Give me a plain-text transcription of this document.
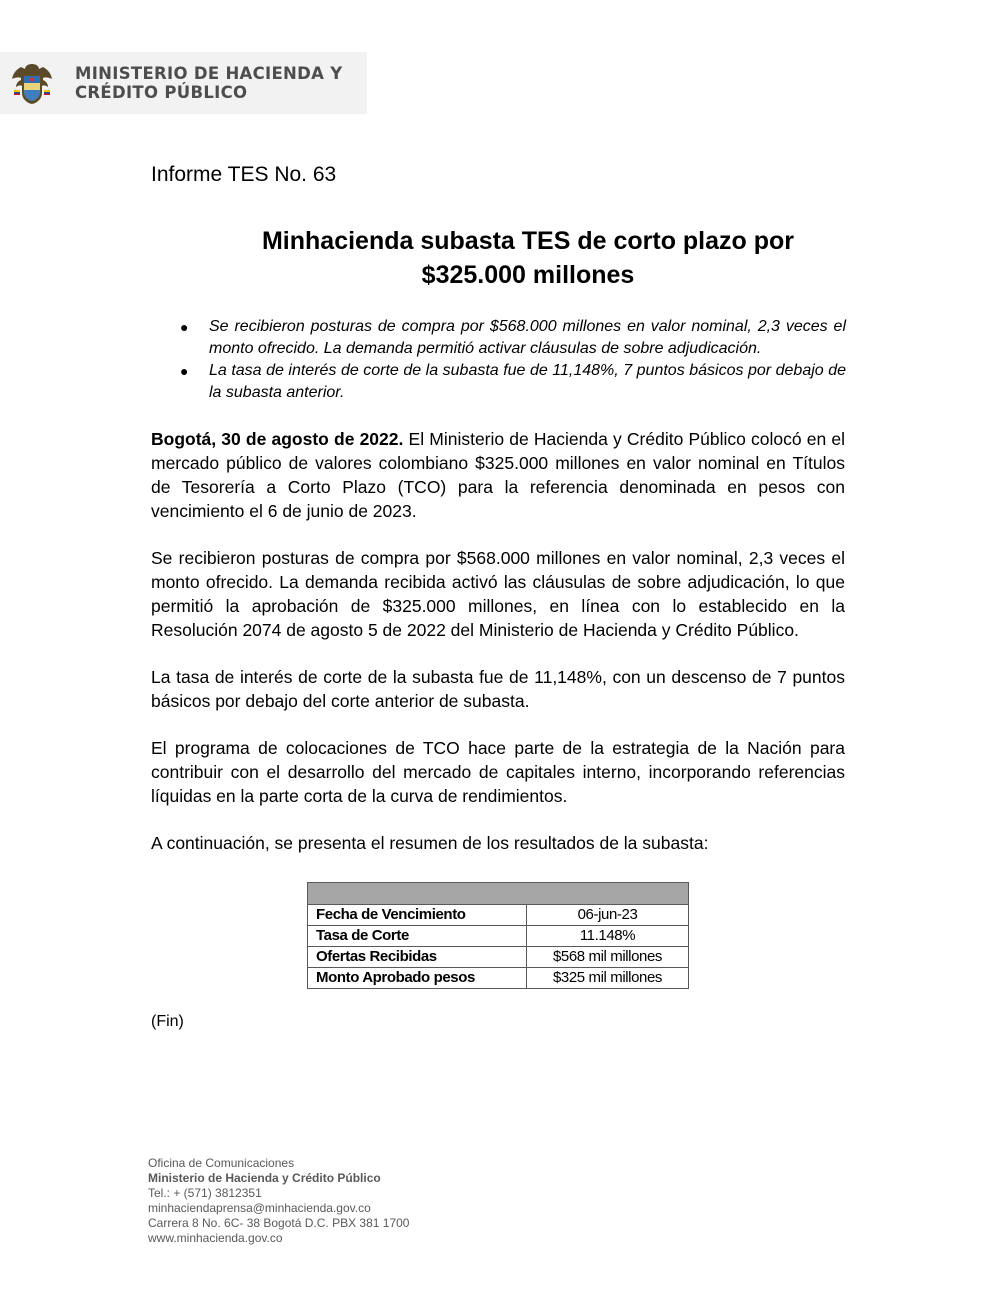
MINISTERIO DE HACIENDA Y
CRÉDITO PÚBLICO
Informe TES No. 63
Minhacienda subasta TES de corto plazo por $325.000 millones
● Se recibieron posturas de compra por $568.000 millones en valor nominal, 2,3 veces el monto ofrecido. La demanda permitió activar cláusulas de sobre adjudicación.
● La tasa de interés de corte de la subasta fue de 11,148%, 7 puntos básicos por debajo de la subasta anterior.

Bogotá, 30 de agosto de 2022. El Ministerio de Hacienda y Crédito Público colocó en el mercado público de valores colombiano $325.000 millones en valor nominal en Títulos de Tesorería a Corto Plazo (TCO) para la referencia denominada en pesos con vencimiento el 6 de junio de 2023.

Se recibieron posturas de compra por $568.000 millones en valor nominal, 2,3 veces el monto ofrecido. La demanda recibida activó las cláusulas de sobre adjudicación, lo que permitió la aprobación de $325.000 millones, en línea con lo establecido en la Resolución 2074 de agosto 5 de 2022 del Ministerio de Hacienda y Crédito Público.

La tasa de interés de corte de la subasta fue de 11,148%, con un descenso de 7 puntos básicos por debajo del corte anterior de subasta.

El programa de colocaciones de TCO hace parte de la estrategia de la Nación para contribuir con el desarrollo del mercado de capitales interno, incorporando referencias líquidas en la parte corta de la curva de rendimientos.

A continuación, se presenta el resumen de los resultados de la subasta:

Fecha de Vencimiento	06-jun-23
Tasa de Corte	11.148%
Ofertas Recibidas	$568 mil millones
Monto Aprobado pesos	$325 mil millones
(Fin)
Oficina de Comunicaciones
Ministerio de Hacienda y Crédito Público
Tel.: + (571) 3812351
minhaciendaprensa@minhacienda.gov.co
Carrera 8 No. 6C- 38 Bogotá D.C. PBX 381 1700
www.minhacienda.gov.co
